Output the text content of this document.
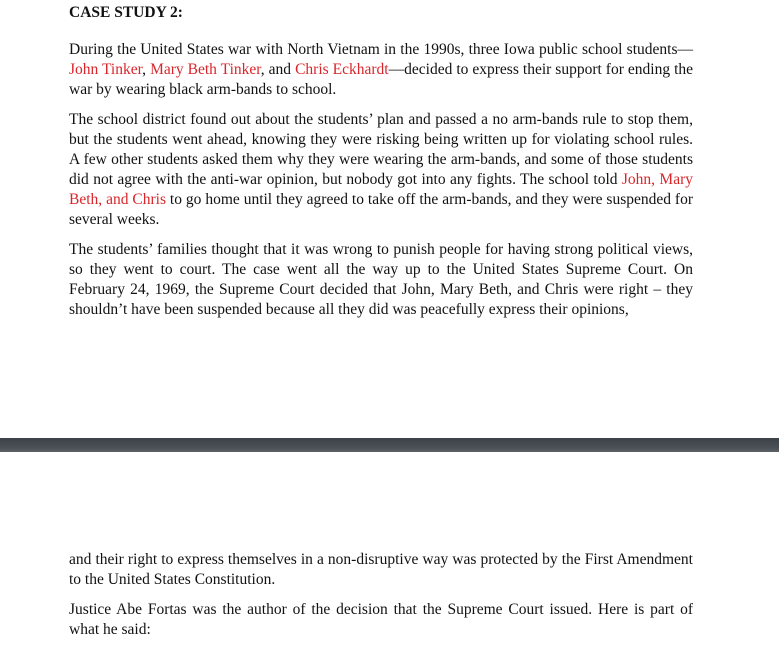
CASE STUDY 2:

During the United States war with North Vietnam in the 1990s, three Iowa public school students—John Tinker, Mary Beth Tinker, and Chris Eckhardt—decided to express their support for ending the war by wearing black arm-bands to school.

The school district found out about the students’ plan and passed a no arm-bands rule to stop them, but the students went ahead, knowing they were risking being written up for violating school rules. A few other students asked them why they were wearing the arm-bands, and some of those students did not agree with the anti-war opinion, but nobody got into any fights. The school told John, Mary Beth, and Chris to go home until they agreed to take off the arm-bands, and they were suspended for several weeks.

The students’ families thought that it was wrong to punish people for having strong political views, so they went to court. The case went all the way up to the United States Supreme Court. On February 24, 1969, the Supreme Court decided that John, Mary Beth, and Chris were right – they shouldn’t have been suspended because all they did was peacefully express their opinions,

and their right to express themselves in a non-disruptive way was protected by the First Amendment to the United States Constitution.

Justice Abe Fortas was the author of the decision that the Supreme Court issued. Here is part of what he said:
